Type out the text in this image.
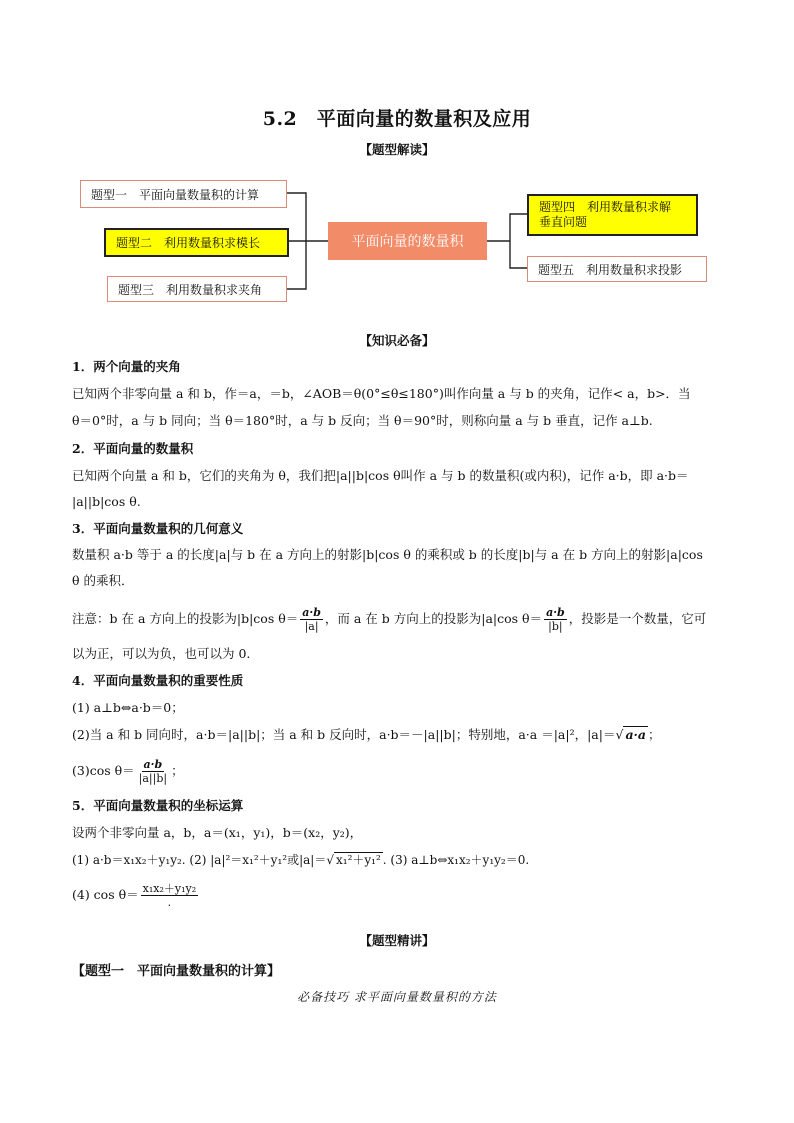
5.2　平面向量的数量积及应用
【题型解读】
题型一　平面向量数量积的计算
题型二　利用数量积求模长
题型三　利用数量积求夹角
平面向量的数量积
题型四　利用数量积求解
垂直问题
题型五　利用数量积求投影
【知识必备】
1．两个向量的夹角
已知两个非零向量 a 和 b，作＝a，＝b，∠AOB＝θ(0°≤θ≤180°)叫作向量 a 与 b 的夹角，记作< a，b>．当
θ＝0°时，a 与 b 同向；当 θ＝180°时，a 与 b 反向；当 θ＝90°时，则称向量 a 与 b 垂直，记作 a⊥b.
2．平面向量的数量积
已知两个向量 a 和 b，它们的夹角为 θ，我们把|a||b|cos θ叫作 a 与 b 的数量积(或内积)，记作 a·b，即 a·b＝
|a||b|cos θ.
3．平面向量数量积的几何意义
数量积 a·b 等于 a 的长度|a|与 b 在 a 方向上的射影|b|cos θ 的乘积或 b 的长度|b|与 a 在 b 方向上的射影|a|cos
θ 的乘积．
注意：b 在 a 方向上的投影为|b|cos $\theta= \frac{a\cdot b}{|a|}$ ，而 a 在 b 方向上的投影为|a|cos $\theta= \frac{a\cdot b}{|b|}$ ，投影是一个数量，它可
以为正，可以为负，也可以为 0.
4．平面向量数量积的重要性质
(1) a⊥b⇔a·b＝0；
(2)当 a 和 b 同向时，a·b＝|a||b|；当 a 和 b 反向时，a·b＝－|a||b|；特别地，a·a ＝|a|²，|a|＝√ a·a ；
(3)cos $\theta= \frac{a\cdot b}{|a||b|}$ ；
5．平面向量数量积的坐标运算
设两个非零向量 a，b，a＝(x₁，y₁)，b＝(x₂，y₂)，
(1) a·b＝x₁x₂＋y₁y₂. (2) |a|²＝x₁²＋y₁²或|a|＝√ x₁²＋y₁² . (3) a⊥b⇔x₁x₂＋y₁y₂＝0.
(4) $\cos \theta= \frac{\text{x₁x₂＋y₁y₂}}{.}$
【题型精讲】
【题型一　平面向量数量积的计算】
必备技巧 求平面向量数量积的方法
